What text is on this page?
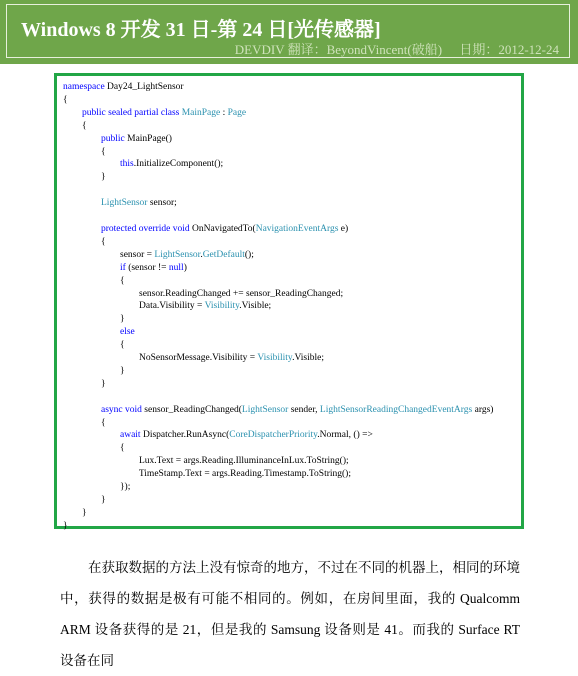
Windows 8 开发 31 日-第 24 日[光传感器]
DEVDIV 翻译：BeyondVincent(破船) 日期：2012-12-24
namespace Day24_LightSensor
{
public sealed partial class MainPage : Page
{
public MainPage()
{
this.InitializeComponent();
}
LightSensor sensor;
protected override void OnNavigatedTo(NavigationEventArgs e)
{
sensor = LightSensor.GetDefault();
if (sensor != null)
{
sensor.ReadingChanged += sensor_ReadingChanged;
Data.Visibility = Visibility.Visible;
}
else
{
NoSensorMessage.Visibility = Visibility.Visible;
}
}
async void sensor_ReadingChanged(LightSensor sender, LightSensorReadingChangedEventArgs args)
{
await Dispatcher.RunAsync(CoreDispatcherPriority.Normal, () =>
{
Lux.Text = args.Reading.IlluminanceInLux.ToString();
TimeStamp.Text = args.Reading.Timestamp.ToString();
});
}
}
}
在获取数据的方法上没有惊奇的地方，不过在不同的机器上，相同的环境中，获得的数据是极有可能不相同的。例如，在房间里面，我的 Qualcomm ARM 设备获得的是 21，但是我的 Samsung 设备则是 41。而我的 Surface RT 设备在同
